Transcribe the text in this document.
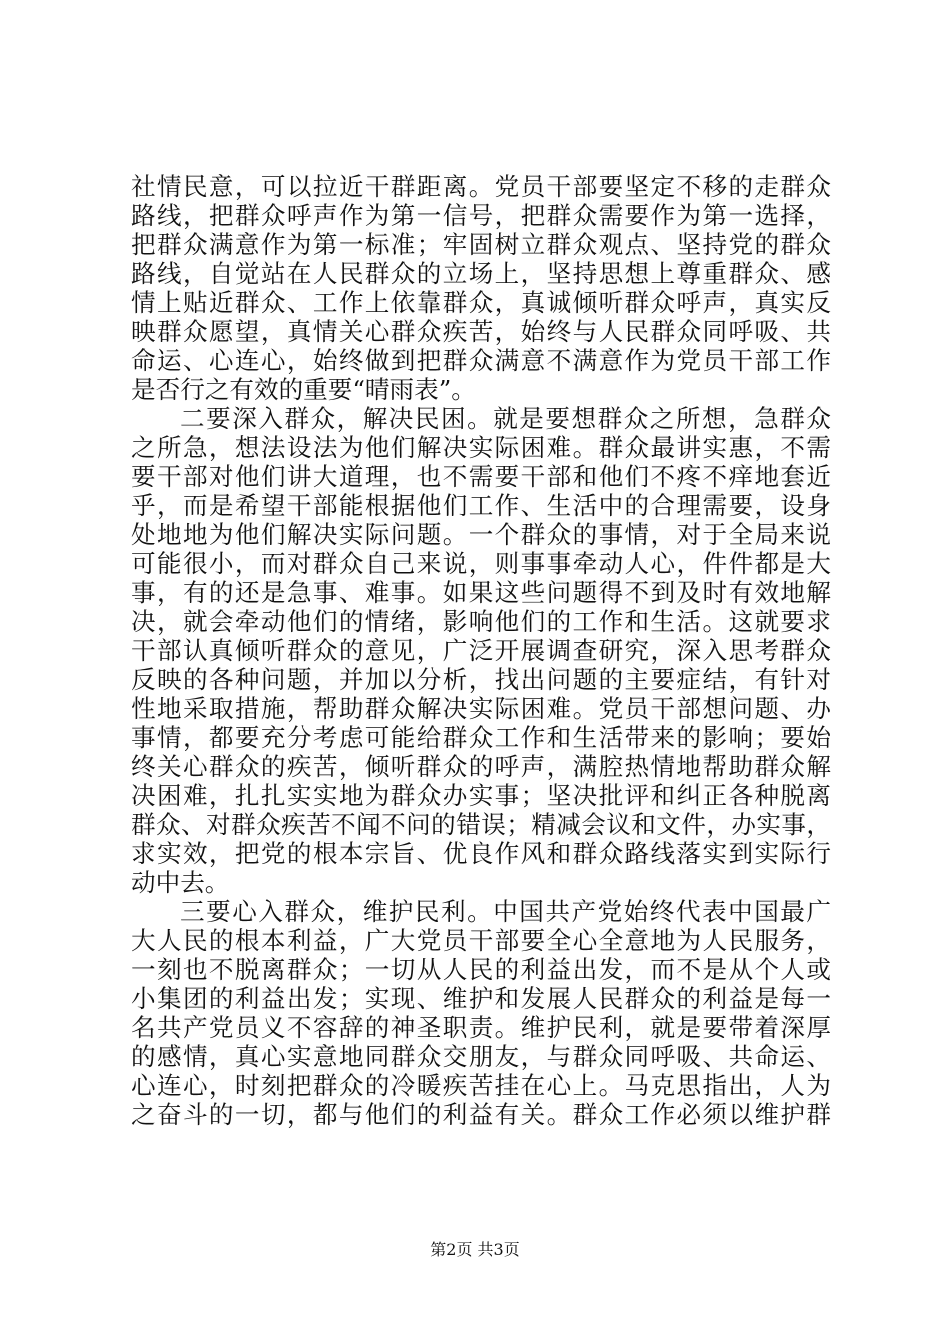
社情民意，可以拉近干群距离。党员干部要坚定不移的走群众
路线，把群众呼声作为第一信号，把群众需要作为第一选择，
把群众满意作为第一标准；牢固树立群众观点、坚持党的群众
路线，自觉站在人民群众的立场上，坚持思想上尊重群众、感
情上贴近群众、工作上依靠群众，真诚倾听群众呼声，真实反
映群众愿望，真情关心群众疾苦，始终与人民群众同呼吸、共
命运、心连心，始终做到把群众满意不满意作为党员干部工作
是否行之有效的重要“晴雨表”。
二要深入群众，解决民困。就是要想群众之所想，急群众
之所急，想法设法为他们解决实际困难。群众最讲实惠，不需
要干部对他们讲大道理，也不需要干部和他们不疼不痒地套近
乎，而是希望干部能根据他们工作、生活中的合理需要，设身
处地地为他们解决实际问题。一个群众的事情，对于全局来说
可能很小，而对群众自己来说，则事事牵动人心，件件都是大
事，有的还是急事、难事。如果这些问题得不到及时有效地解
决，就会牵动他们的情绪，影响他们的工作和生活。这就要求
干部认真倾听群众的意见，广泛开展调查研究，深入思考群众
反映的各种问题，并加以分析，找出问题的主要症结，有针对
性地采取措施，帮助群众解决实际困难。党员干部想问题、办
事情，都要充分考虑可能给群众工作和生活带来的影响；要始
终关心群众的疾苦，倾听群众的呼声，满腔热情地帮助群众解
决困难，扎扎实实地为群众办实事；坚决批评和纠正各种脱离
群众、对群众疾苦不闻不问的错误；精减会议和文件，办实事，
求实效，把党的根本宗旨、优良作风和群众路线落实到实际行
动中去。
三要心入群众，维护民利。中国共产党始终代表中国最广
大人民的根本利益，广大党员干部要全心全意地为人民服务，
一刻也不脱离群众；一切从人民的利益出发，而不是从个人或
小集团的利益出发；实现、维护和发展人民群众的利益是每一
名共产党员义不容辞的神圣职责。维护民利，就是要带着深厚
的感情，真心实意地同群众交朋友，与群众同呼吸、共命运、
心连心，时刻把群众的冷暖疾苦挂在心上。马克思指出，人为
之奋斗的一切，都与他们的利益有关。群众工作必须以维护群
第2页 共3页
